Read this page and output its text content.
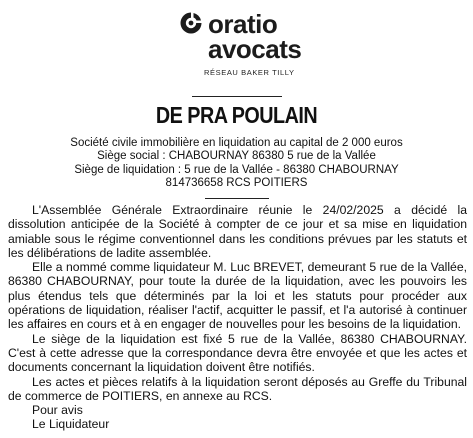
oratio
avocats
RÉSEAU BAKER TILLY
DE PRA POULAIN
Société civile immobilière en liquidation au capital de 2 000 euros
Siège social : CHABOURNAY 86380 5 rue de la Vallée
Siège de liquidation : 5 rue de la Vallée - 86380 CHABOURNAY
814736658 RCS POITIERS

L'Assemblée Générale Extraordinaire réunie le 24/02/2025 a décidé la dissolution anticipée de la Société à compter de ce jour et sa mise en liquidation amiable sous le régime conventionnel dans les conditions prévues par les statuts et les délibérations de ladite assemblée.

Elle a nommé comme liquidateur M. Luc BREVET, demeurant 5 rue de la Vallée, 86380 CHABOURNAY, pour toute la durée de la liquidation, avec les pouvoirs les plus étendus tels que déterminés par la loi et les statuts pour procéder aux opérations de liquidation, réaliser l'actif, acquitter le passif, et l'a autorisé à continuer les affaires en cours et à en engager de nouvelles pour les besoins de la liquidation.

Le siège de la liquidation est fixé 5 rue de la Vallée, 86380 CHABOURNAY. C'est à cette adresse que la correspondance devra être envoyée et que les actes et documents concernant la liquidation doivent être notifiés.

Les actes et pièces relatifs à la liquidation seront déposés au Greffe du Tribunal de commerce de POITIERS, en annexe au RCS.

Pour avis

Le Liquidateur
